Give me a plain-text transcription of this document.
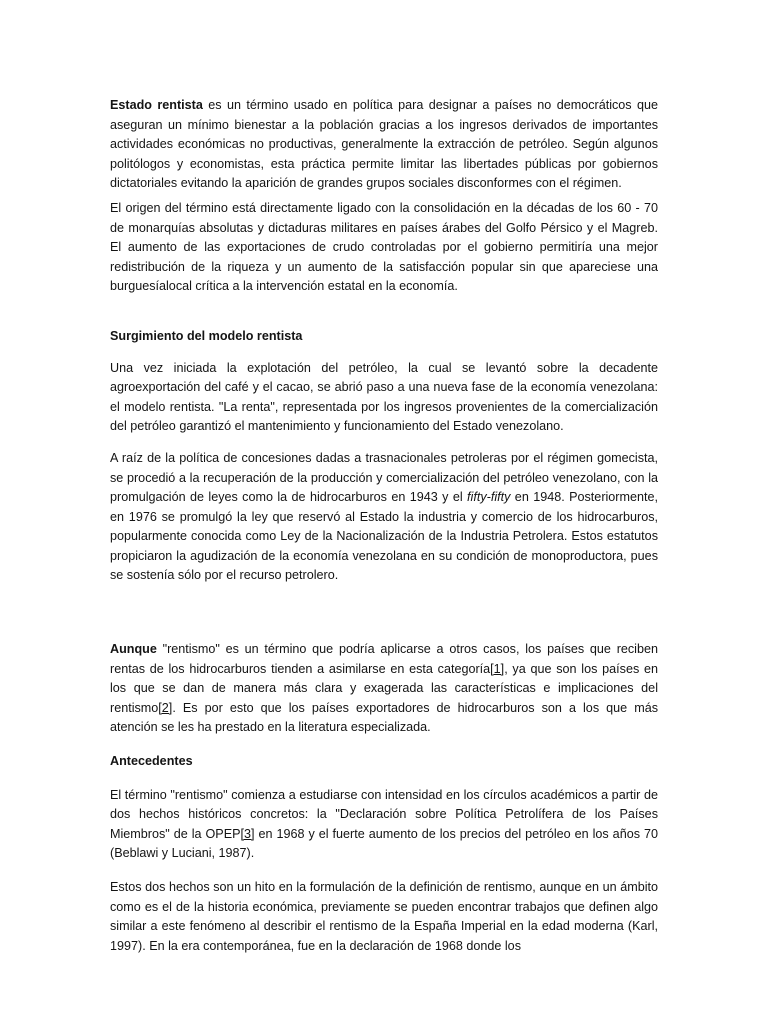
Estado rentista es un término usado en política para designar a países no democráticos que aseguran un mínimo bienestar a la población gracias a los ingresos derivados de importantes actividades económicas no productivas, generalmente la extracción de petróleo. Según algunos politólogos y economistas, esta práctica permite limitar las libertades públicas por gobiernos dictatoriales evitando la aparición de grandes grupos sociales disconformes con el régimen.

El origen del término está directamente ligado con la consolidación en la décadas de los 60 - 70 de monarquías absolutas y dictaduras militares en países árabes del Golfo Pérsico y el Magreb. El aumento de las exportaciones de crudo controladas por el gobierno permitiría una mejor redistribución de la riqueza y un aumento de la satisfacción popular sin que apareciese una burguesíalocal crítica a la intervención estatal en la economía.

Surgimiento del modelo rentista

Una vez iniciada la explotación del petróleo, la cual se levantó sobre la decadente agroexportación del café y el cacao, se abrió paso a una nueva fase de la economía venezolana: el modelo rentista. "La renta", representada por los ingresos provenientes de la comercialización del petróleo garantizó el mantenimiento y funcionamiento del Estado venezolano.

A raíz de la política de concesiones dadas a trasnacionales petroleras por el régimen gomecista, se procedió a la recuperación de la producción y comercialización del petróleo venezolano, con la promulgación de leyes como la de hidrocarburos en 1943 y el fifty-fifty en 1948. Posteriormente, en 1976 se promulgó la ley que reservó al Estado la industria y comercio de los hidrocarburos, popularmente conocida como Ley de la Nacionalización de la Industria Petrolera. Estos estatutos propiciaron la agudización de la economía venezolana en su condición de monoproductora, pues se sostenía sólo por el recurso petrolero.

Aunque "rentismo" es un término que podría aplicarse a otros casos, los países que reciben rentas de los hidrocarburos tienden a asimilarse en esta categoría[1], ya que son los países en los que se dan de manera más clara y exagerada las características e implicaciones del rentismo[2]. Es por esto que los países exportadores de hidrocarburos son a los que más atención se les ha prestado en la literatura especializada.

Antecedentes

El término "rentismo" comienza a estudiarse con intensidad en los círculos académicos a partir de dos hechos históricos concretos: la "Declaración sobre Política Petrolífera de los Países Miembros" de la OPEP[3] en 1968 y el fuerte aumento de los precios del petróleo en los años 70 (Beblawi y Luciani, 1987).

Estos dos hechos son un hito en la formulación de la definición de rentismo, aunque en un ámbito como es el de la historia económica, previamente se pueden encontrar trabajos que definen algo similar a este fenómeno al describir el rentismo de la España Imperial en la edad moderna (Karl, 1997). En la era contemporánea, fue en la declaración de 1968 donde los
